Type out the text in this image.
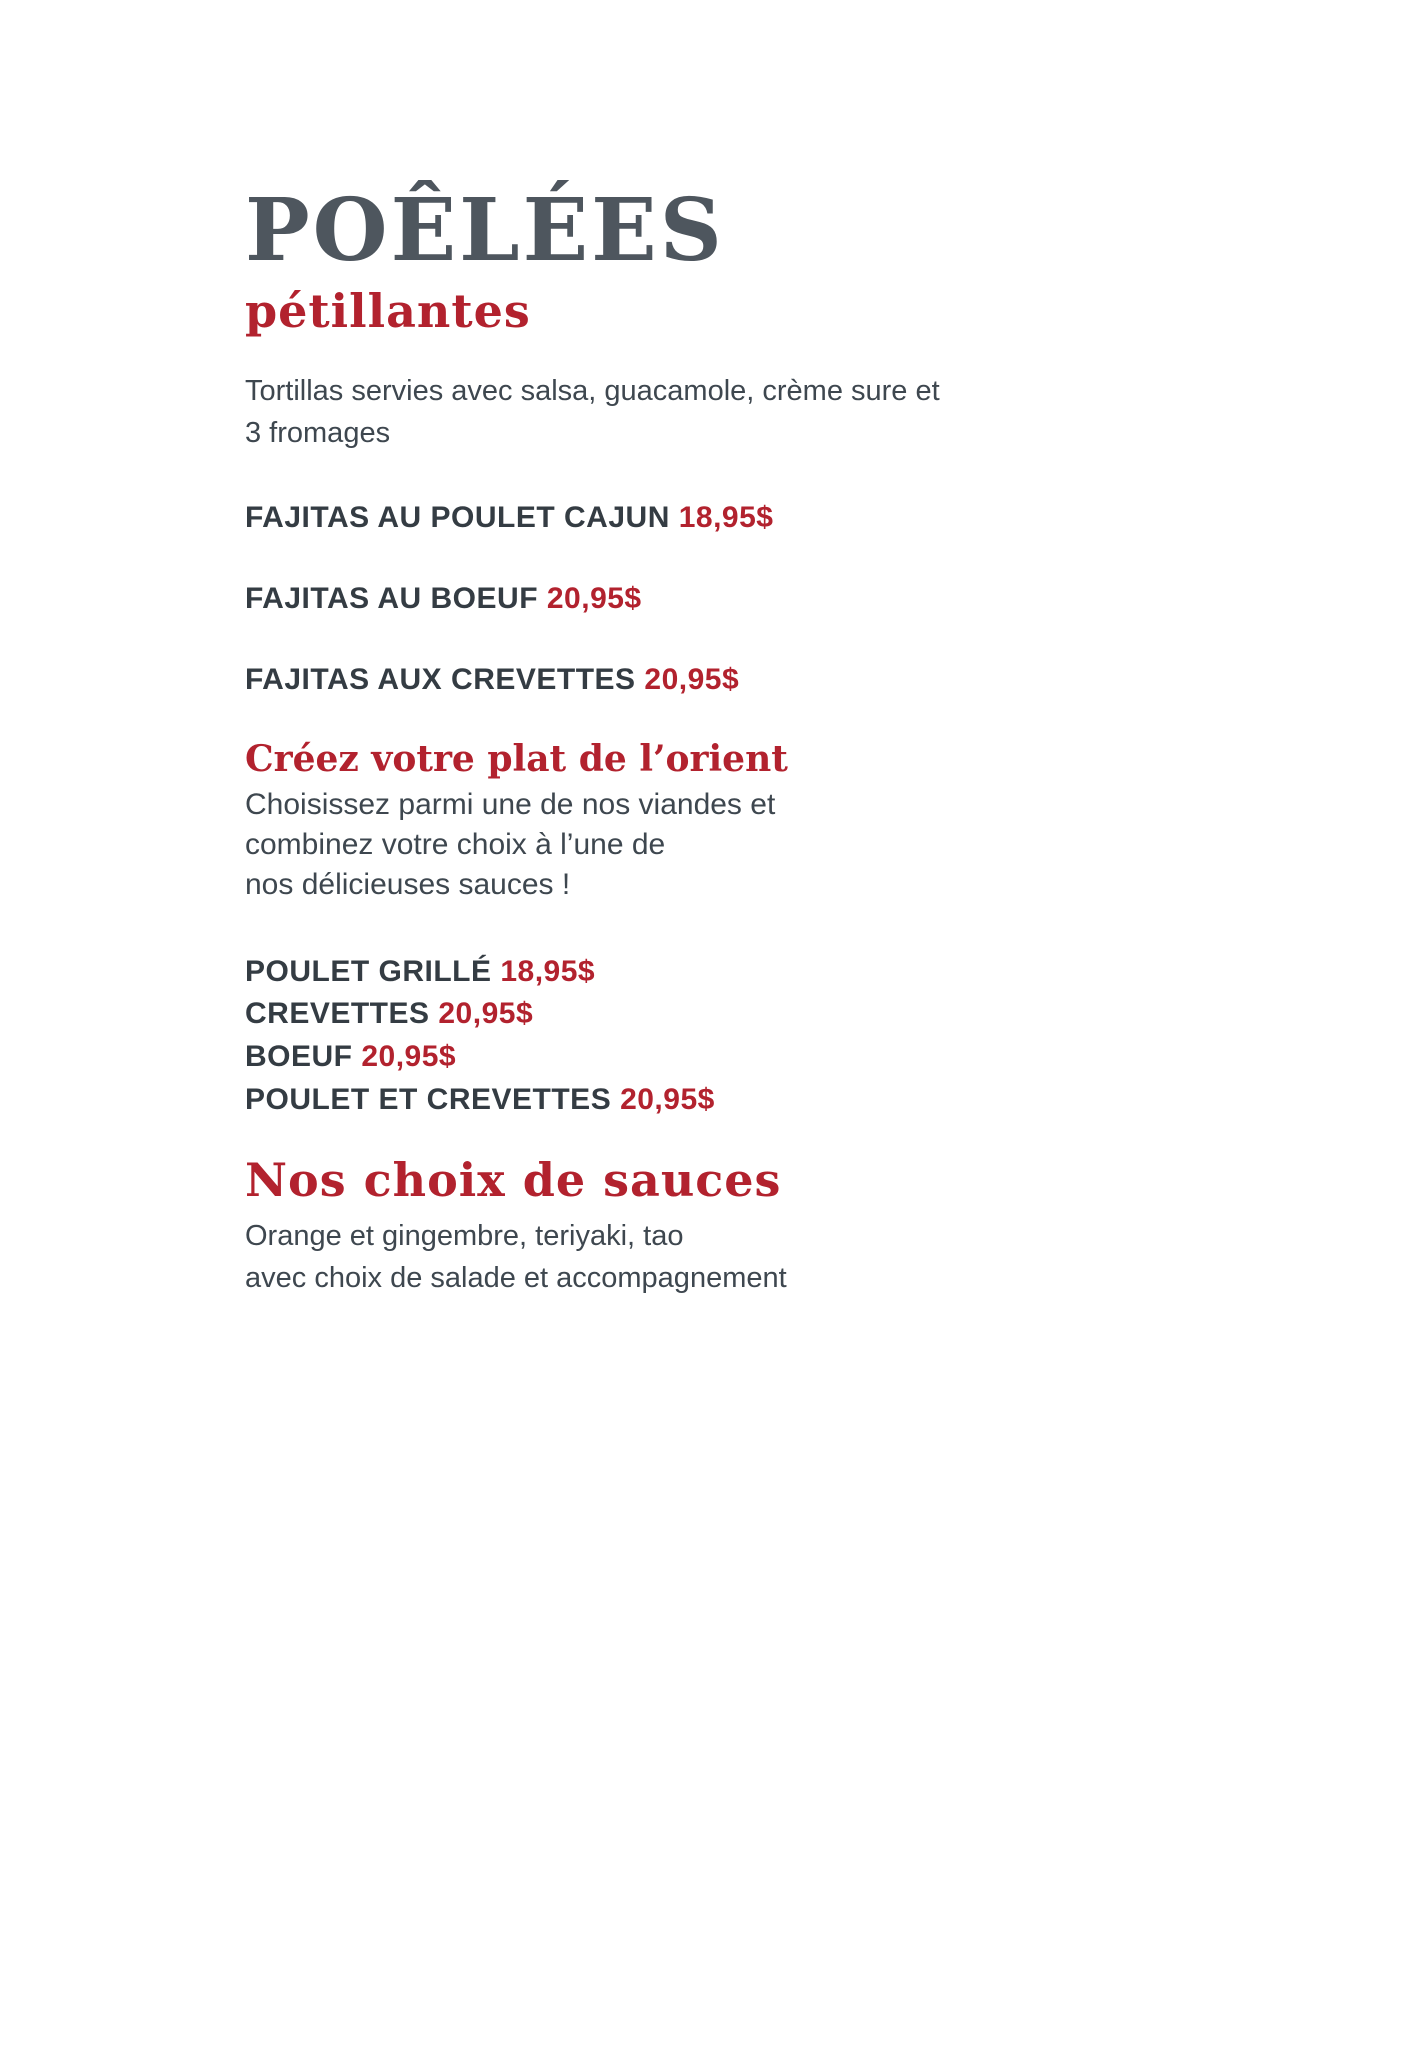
POÊLÉES
pétillantes
Tortillas servies avec salsa, guacamole, crème sure et
3 fromages
FAJITAS AU POULET CAJUN 18,95$
FAJITAS AU BOEUF 20,95$
FAJITAS AUX CREVETTES 20,95$
Créez votre plat de l’orient
Choisissez parmi une de nos viandes et
combinez votre choix à l’une de
nos délicieuses sauces !
POULET GRILLÉ 18,95$
CREVETTES 20,95$
BOEUF 20,95$
POULET ET CREVETTES 20,95$
Nos choix de sauces
Orange et gingembre, teriyaki, tao
avec choix de salade et accompagnement
